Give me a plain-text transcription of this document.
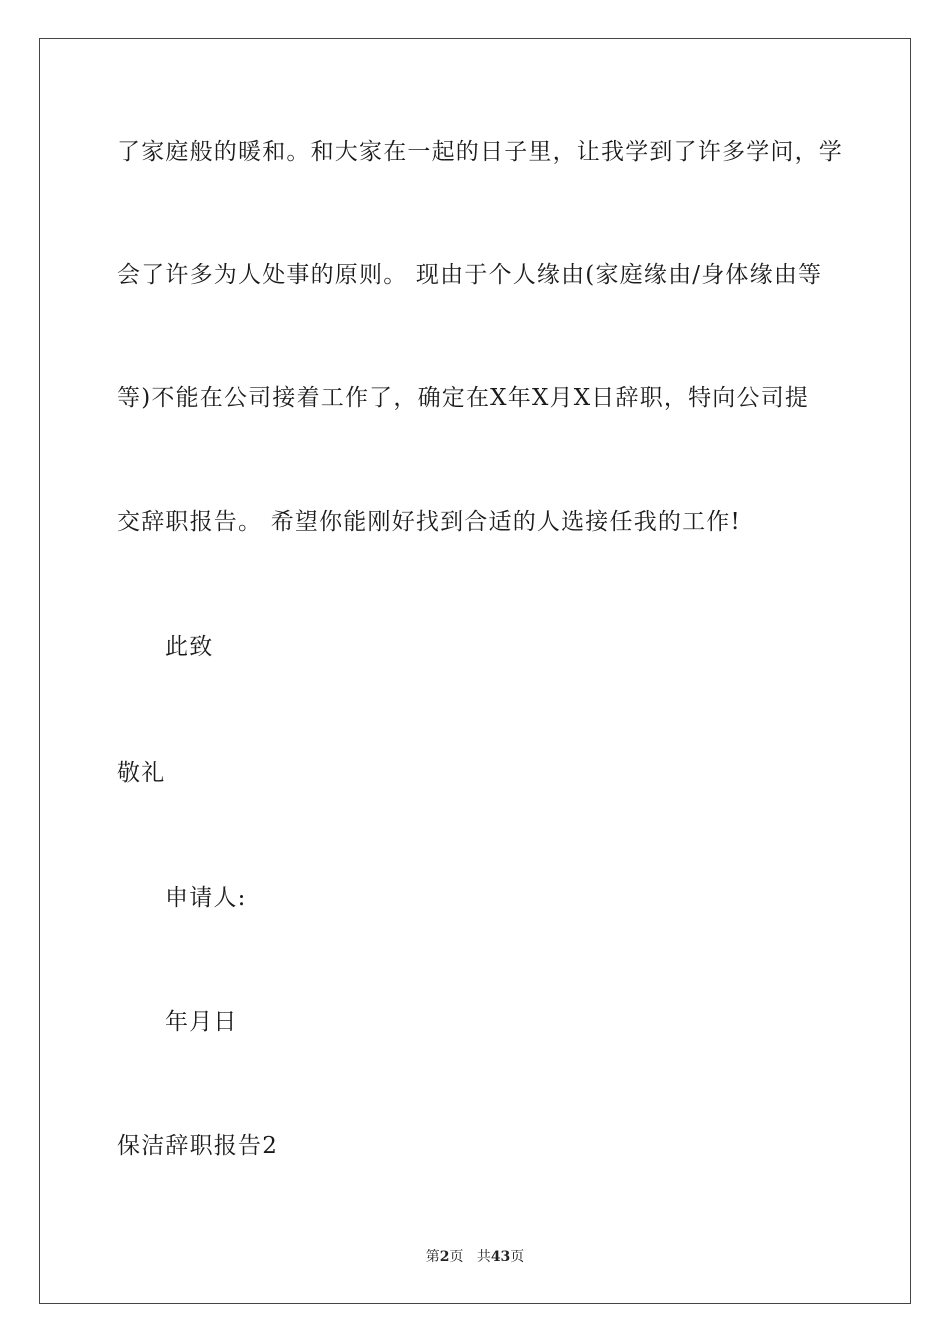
了家庭般的暖和。和大家在一起的日子里，让我学到了许多学问，学
会了许多为人处事的原则。 现由于个人缘由(家庭缘由/身体缘由等
等)不能在公司接着工作了，确定在X年X月X日辞职，特向公司提
交辞职报告。 希望你能刚好找到合适的人选接任我的工作!
此致
敬礼
申请人:
年月日
保洁辞职报告2
第2页 共43页
